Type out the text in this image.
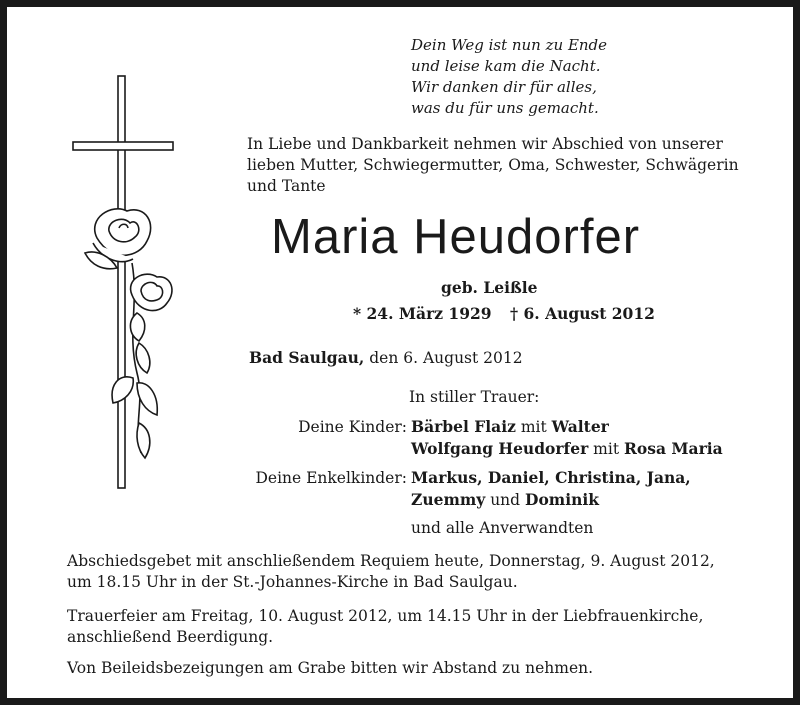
Dein Weg ist nun zu Ende
und leise kam die Nacht.
Wir danken dir für alles,
was du für uns gemacht.
In Liebe und Dankbarkeit nehmen wir Abschied von unserer
lieben Mutter, Schwiegermutter, Oma, Schwester, Schwägerin
und Tante
Maria Heudorfer
geb. Leißle
* 24. März 1929 † 6. August 2012
Bad Saulgau, den 6. August 2012
In stiller Trauer:
Deine Kinder: Bärbel Flaiz mit Walter
Wolfgang Heudorfer mit Rosa Maria
Deine Enkelkinder: Markus, Daniel, Christina, Jana,
Zuemmy und Dominik
und alle Anverwandten
Abschiedsgebet mit anschließendem Requiem heute, Donnerstag, 9. August 2012,
um 18.15 Uhr in der St.-Johannes-Kirche in Bad Saulgau.
Trauerfeier am Freitag, 10. August 2012, um 14.15 Uhr in der Liebfrauenkirche,
anschließend Beerdigung.
Von Beileidsbezeigungen am Grabe bitten wir Abstand zu nehmen.
